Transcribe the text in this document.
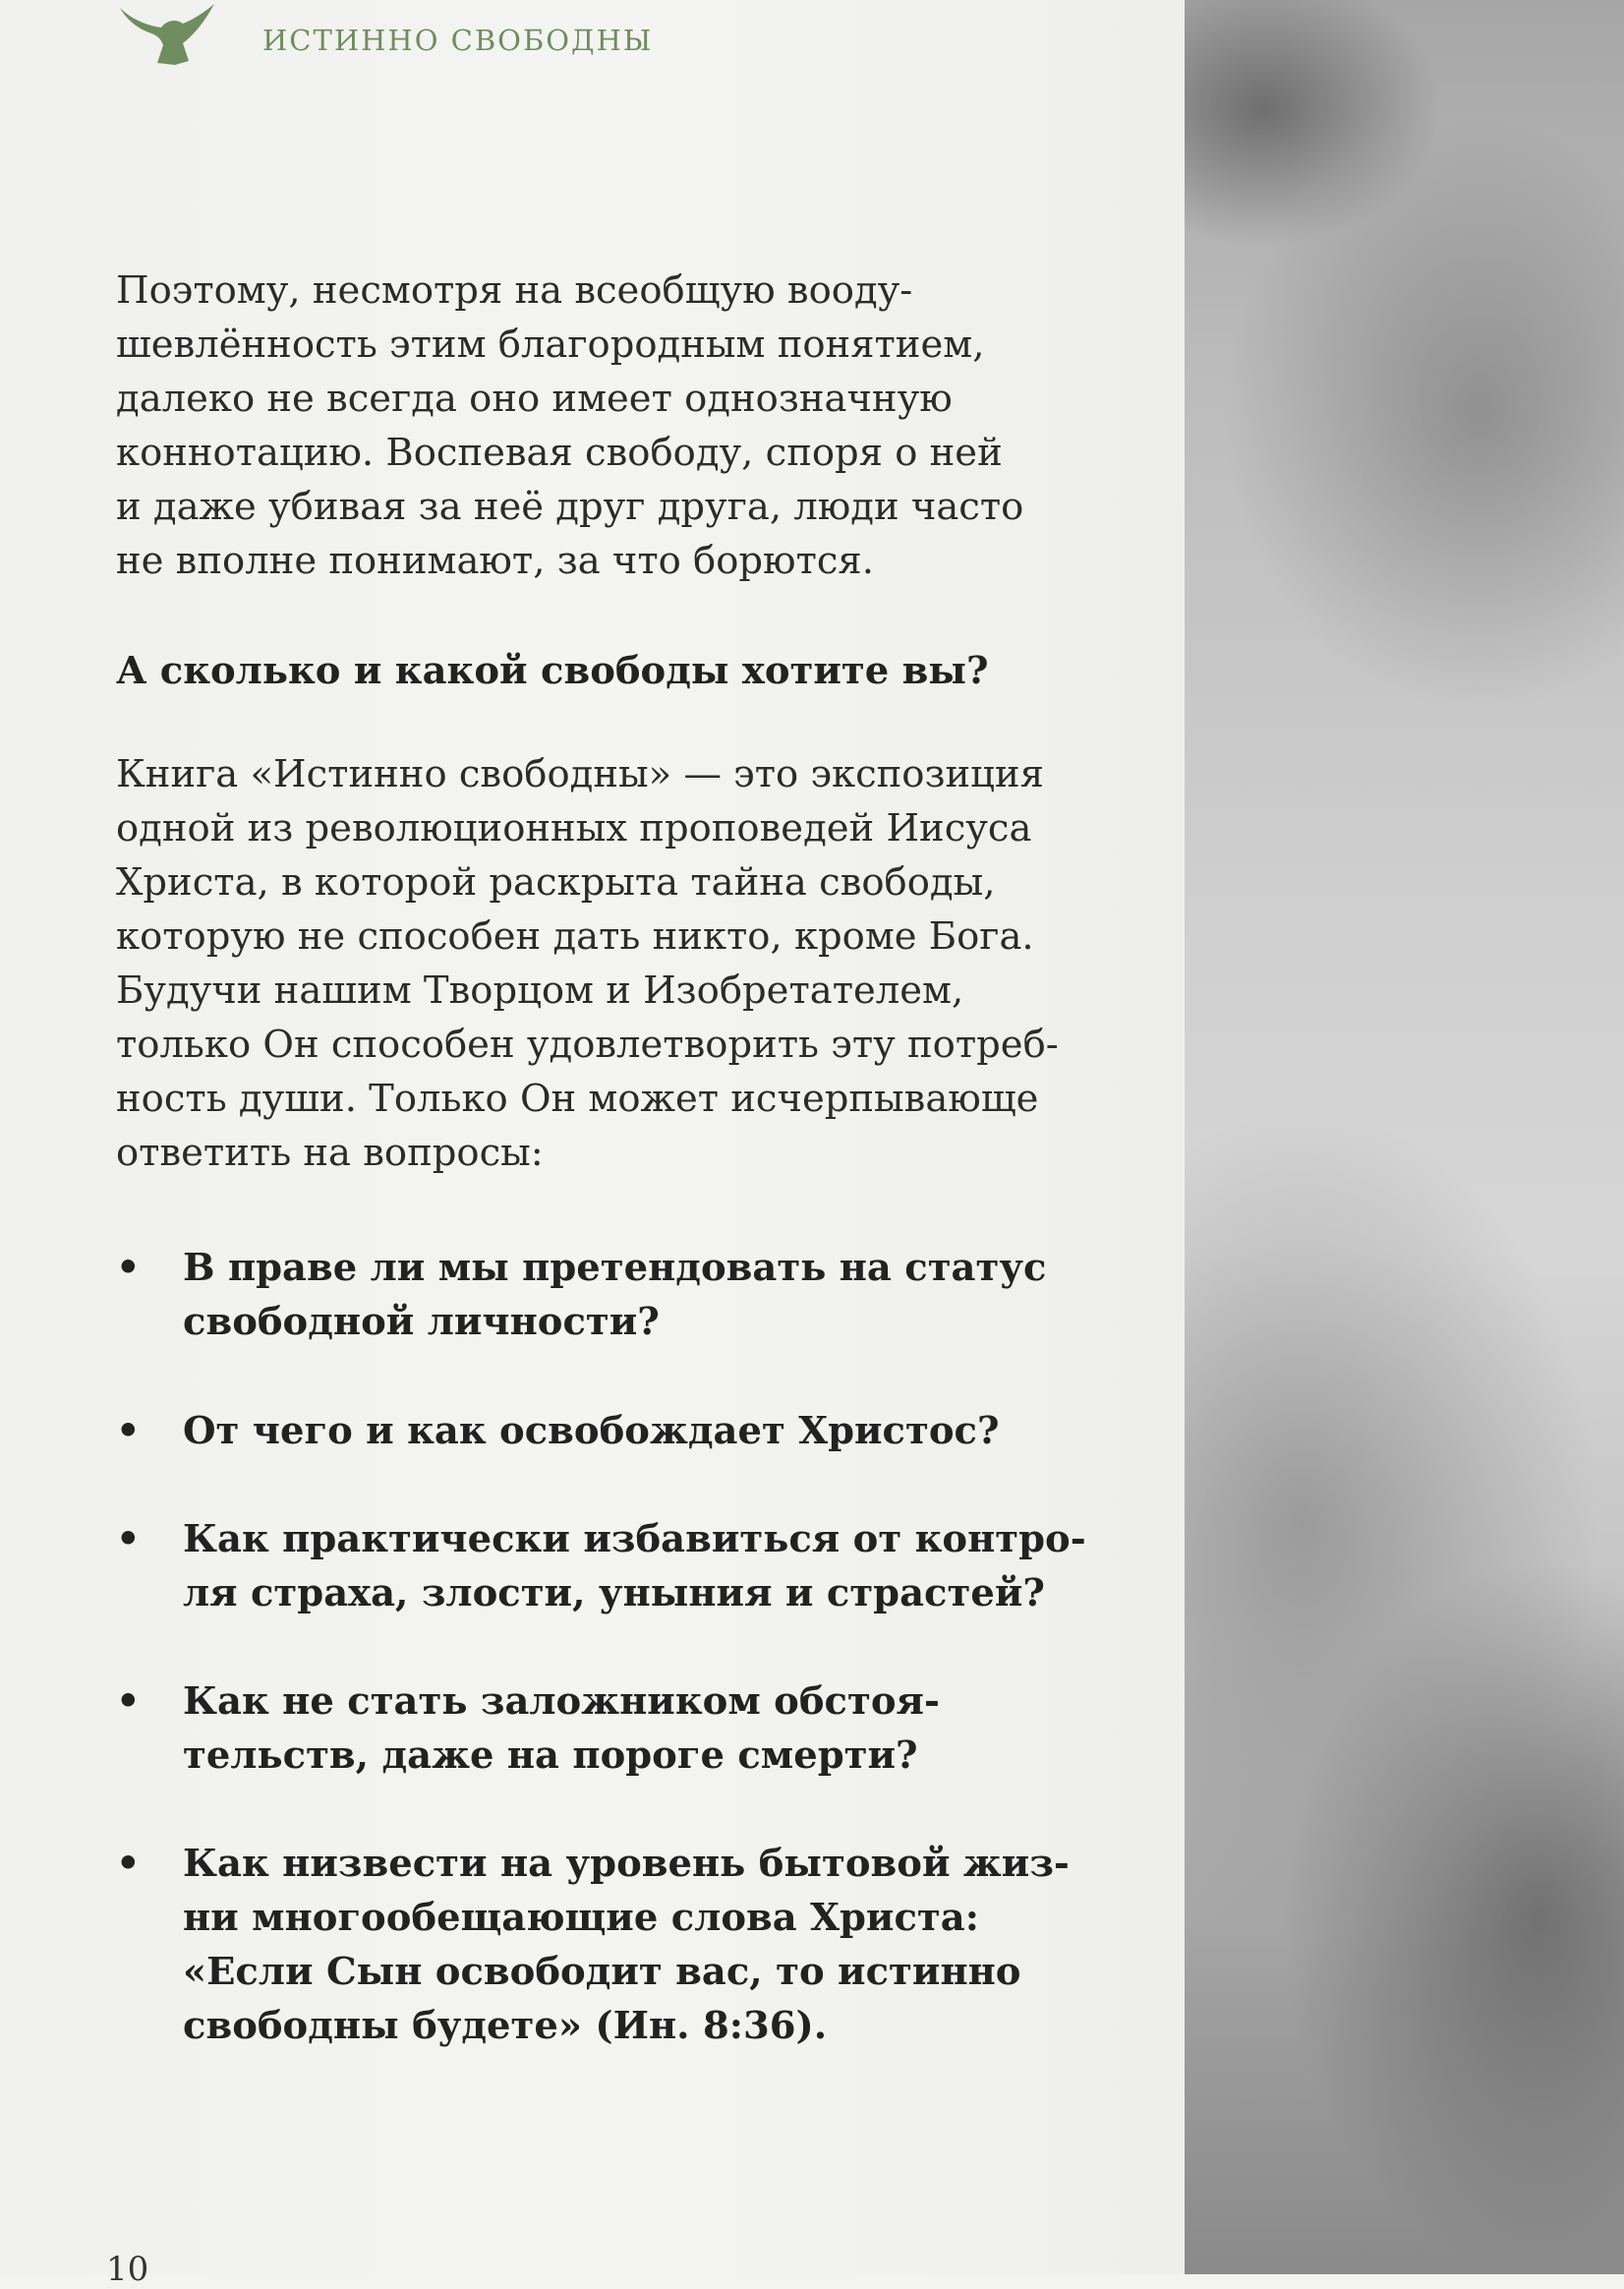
ИСТИННО СВОБОДНЫ

Поэтому, несмотря на всеобщую вооду-
шевлённость этим благородным понятием,
далеко не всегда оно имеет однозначную
коннотацию. Воспевая свободу, споря о ней
и даже убивая за неё друг друга, люди часто
не вполне понимают, за что борются.

А сколько и какой свободы хотите вы?

Книга «Истинно свободны» — это экспозиция
одной из революционных проповедей Иисуса
Христа, в которой раскрыта тайна свободы,
которую не способен дать никто, кроме Бога.
Будучи нашим Творцом и Изобретателем,
только Он способен удовлетворить эту потреб-
ность души. Только Он может исчерпывающе
ответить на вопросы:

•	В праве ли мы претендовать на статус
свободной личности?
•	От чего и как освобождает Христос?
•	Как практически избавиться от контро-
ля страха, злости, уныния и страстей?
•	Как не стать заложником обстоя-
тельств, даже на пороге смерти?
•	Как низвести на уровень бытовой жиз-
ни многообещающие слова Христа:
«Если Сын освободит вас, то истинно
свободны будете» (Ин. 8:36).
10
